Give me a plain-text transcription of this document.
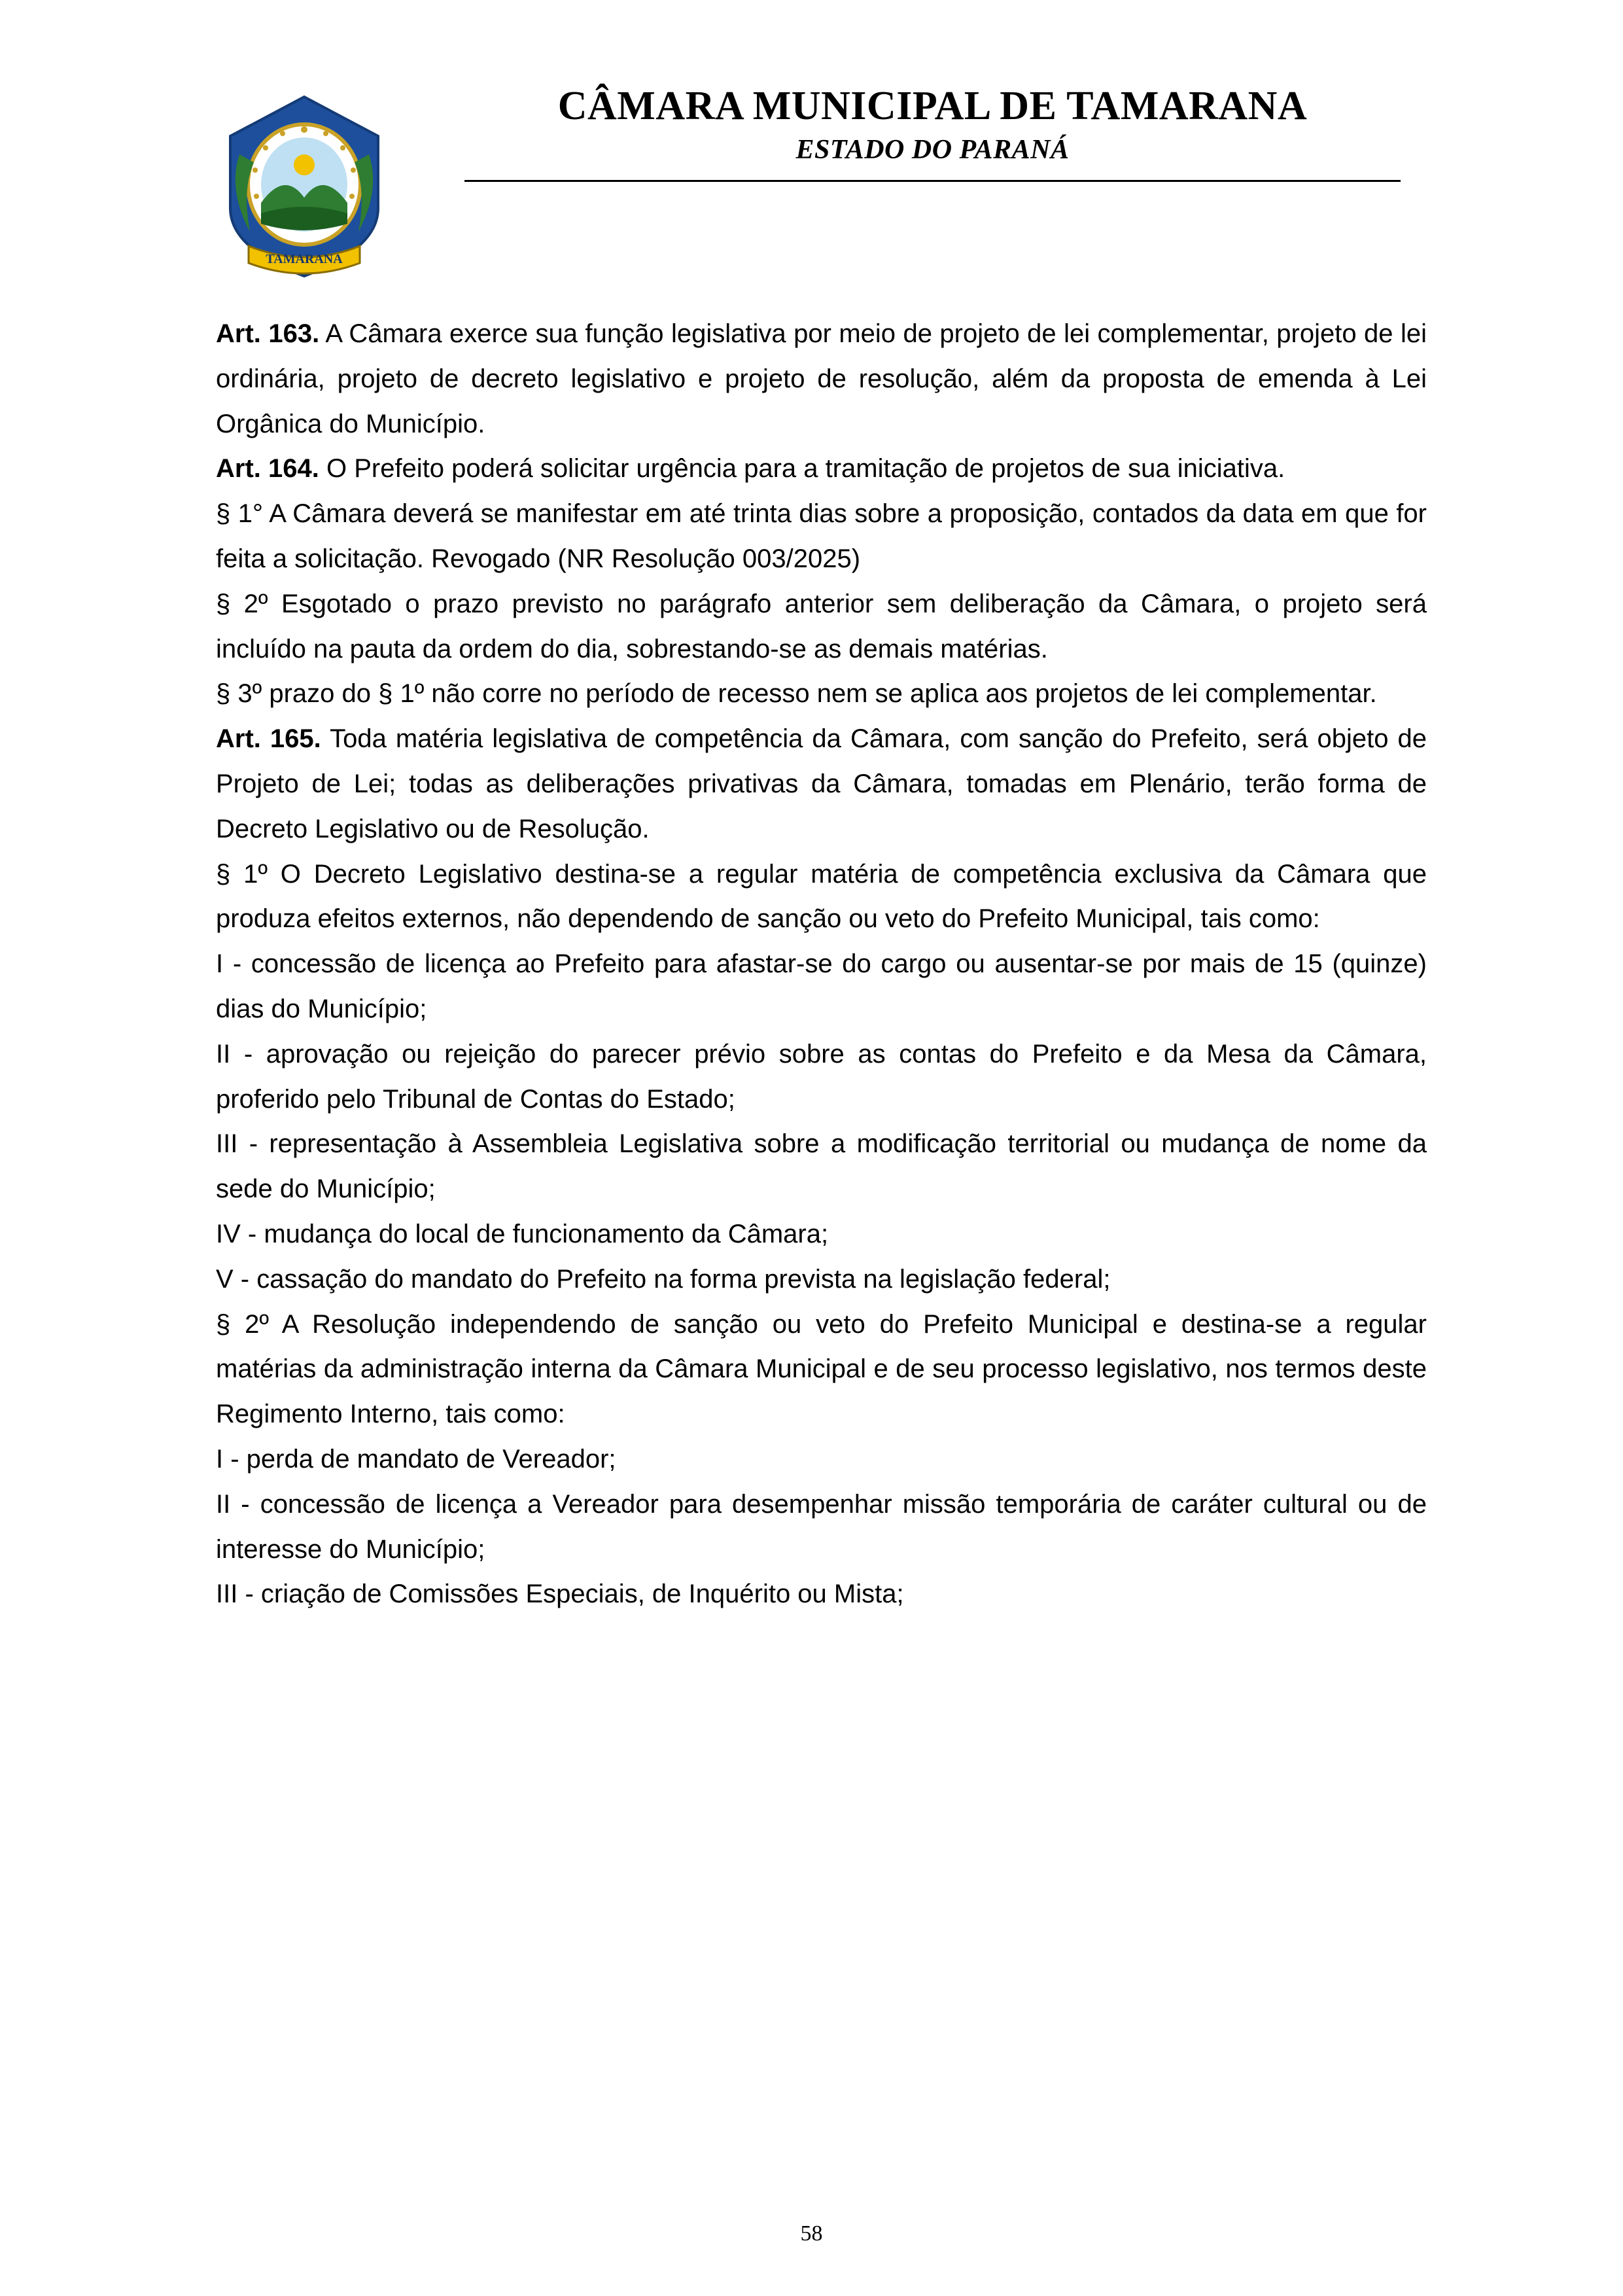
TAMARANA
CÂMARA MUNICIPAL DE TAMARANA
ESTADO DO PARANÁ

Art. 163. A Câmara exerce sua função legislativa por meio de projeto de lei complementar, projeto de lei ordinária, projeto de decreto legislativo e projeto de resolução, além da proposta de emenda à Lei Orgânica do Município.

Art. 164. O Prefeito poderá solicitar urgência para a tramitação de projetos de sua iniciativa.

§ 1° A Câmara deverá se manifestar em até trinta dias sobre a proposição, contados da data em que for feita a solicitação. Revogado (NR Resolução 003/2025)

§ 2º Esgotado o prazo previsto no parágrafo anterior sem deliberação da Câmara, o projeto será incluído na pauta da ordem do dia, sobrestando-se as demais matérias.

§ 3º prazo do § 1º não corre no período de recesso nem se aplica aos projetos de lei complementar.

Art. 165. Toda matéria legislativa de competência da Câmara, com sanção do Prefeito, será objeto de Projeto de Lei; todas as deliberações privativas da Câmara, tomadas em Plenário, terão forma de Decreto Legislativo ou de Resolução.

§ 1º O Decreto Legislativo destina-se a regular matéria de competência exclusiva da Câmara que produza efeitos externos, não dependendo de sanção ou veto do Prefeito Municipal, tais como:

I - concessão de licença ao Prefeito para afastar-se do cargo ou ausentar-se por mais de 15 (quinze) dias do Município;

II - aprovação ou rejeição do parecer prévio sobre as contas do Prefeito e da Mesa da Câmara, proferido pelo Tribunal de Contas do Estado;

III - representação à Assembleia Legislativa sobre a modificação territorial ou mudança de nome da sede do Município;

IV - mudança do local de funcionamento da Câmara;

V - cassação do mandato do Prefeito na forma prevista na legislação federal;

§ 2º A Resolução independendo de sanção ou veto do Prefeito Municipal e destina-se a regular matérias da administração interna da Câmara Municipal e de seu processo legislativo, nos termos deste Regimento Interno, tais como:

I - perda de mandato de Vereador;

II - concessão de licença a Vereador para desempenhar missão temporária de caráter cultural ou de interesse do Município;

III - criação de Comissões Especiais, de Inquérito ou Mista;

58
